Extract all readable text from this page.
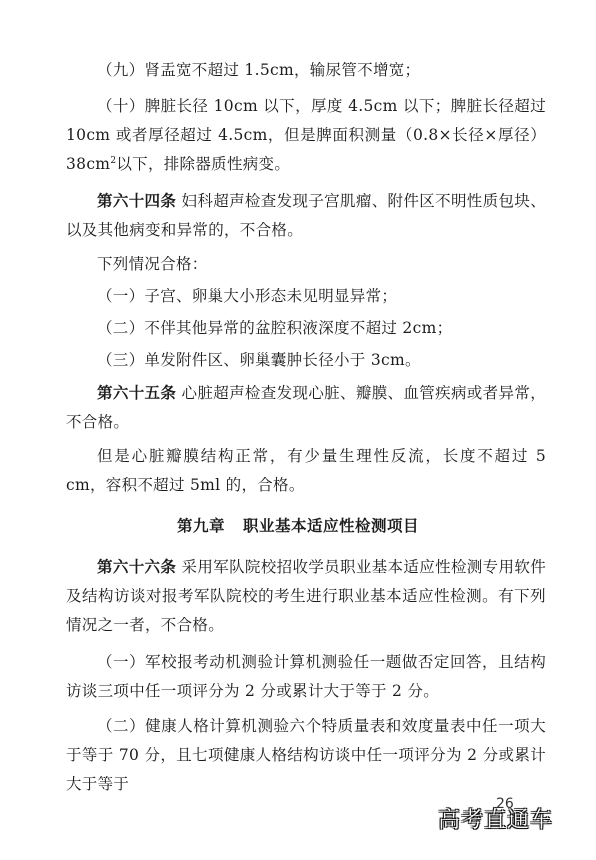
（九）肾盂宽不超过 1.5cm，输尿管不增宽；

（十）脾脏长径 10cm 以下，厚度 4.5cm 以下；脾脏长径超过 10cm 或者厚径超过 4.5cm，但是脾面积测量（0.8×长径×厚径）$38cm^2$以下，排除器质性病变。

第六十四条 妇科超声检查发现子宫肌瘤、附件区不明性质包块、以及其他病变和异常的，不合格。

下列情况合格：

（一）子宫、卵巢大小形态未见明显异常；

（二）不伴其他异常的盆腔积液深度不超过 2cm；

（三）单发附件区、卵巢囊肿长径小于 3cm。

第六十五条 心脏超声检查发现心脏、瓣膜、血管疾病或者异常，不合格。

但是心脏瓣膜结构正常，有少量生理性反流，长度不超过 5 cm，容积不超过 5ml 的，合格。

第九章 职业基本适应性检测项目

第六十六条 采用军队院校招收学员职业基本适应性检测专用软件及结构访谈对报考军队院校的考生进行职业基本适应性检测。有下列情况之一者，不合格。

（一）军校报考动机测验计算机测验任一题做否定回答，且结构访谈三项中任一项评分为 2 分或累计大于等于 2 分。

（二）健康人格计算机测验六个特质量表和效度量表中任一项大于等于 70 分，且七项健康人格结构访谈中任一项评分为 2 分或累计大于等于

26
高考直通车
